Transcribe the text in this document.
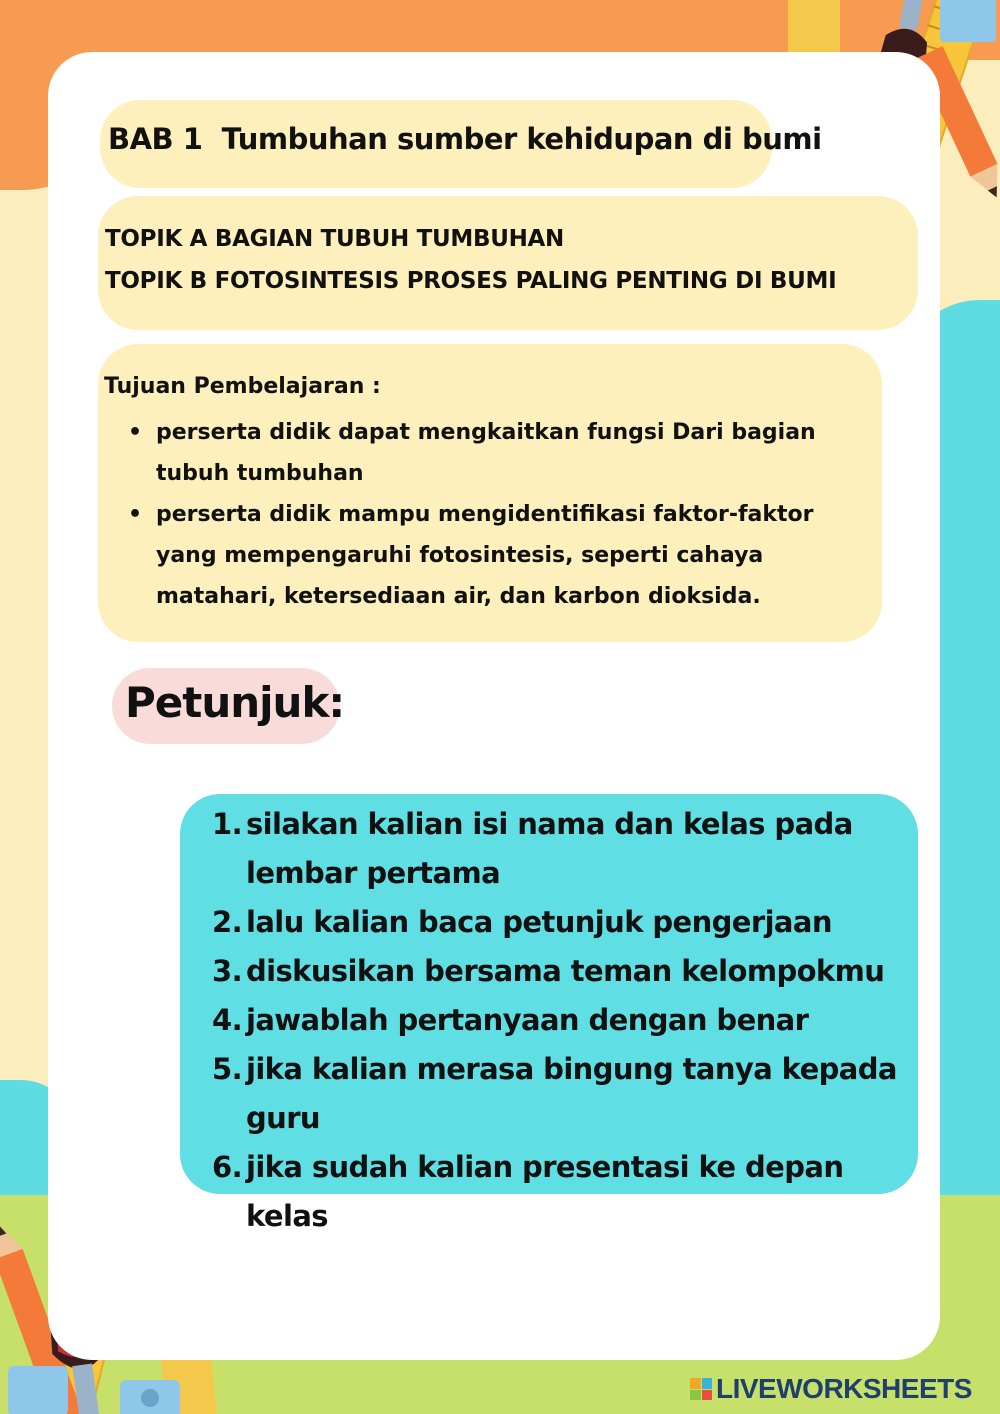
BAB 1 Tumbuhan sumber kehidupan di bumi
TOPIK A BAGIAN TUBUH TUMBUHAN
TOPIK B FOTOSINTESIS PROSES PALING PENTING DI BUMI
Tujuan Pembelajaran :
• perserta didik dapat mengkaitkan fungsi Dari bagian tubuh tumbuhan
• perserta didik mampu mengidentifikasi faktor-faktor yang mempengaruhi fotosintesis, seperti cahaya matahari, ketersediaan air, dan karbon dioksida.
Petunjuk:
1. silakan kalian isi nama dan kelas pada lembar pertama
2. lalu kalian baca petunjuk pengerjaan
3. diskusikan bersama teman kelompokmu
4. jawablah pertanyaan dengan benar
5. jika kalian merasa bingung tanya kepada guru
6. jika sudah kalian presentasi ke depan kelas
LIVEWORKSHEETS
